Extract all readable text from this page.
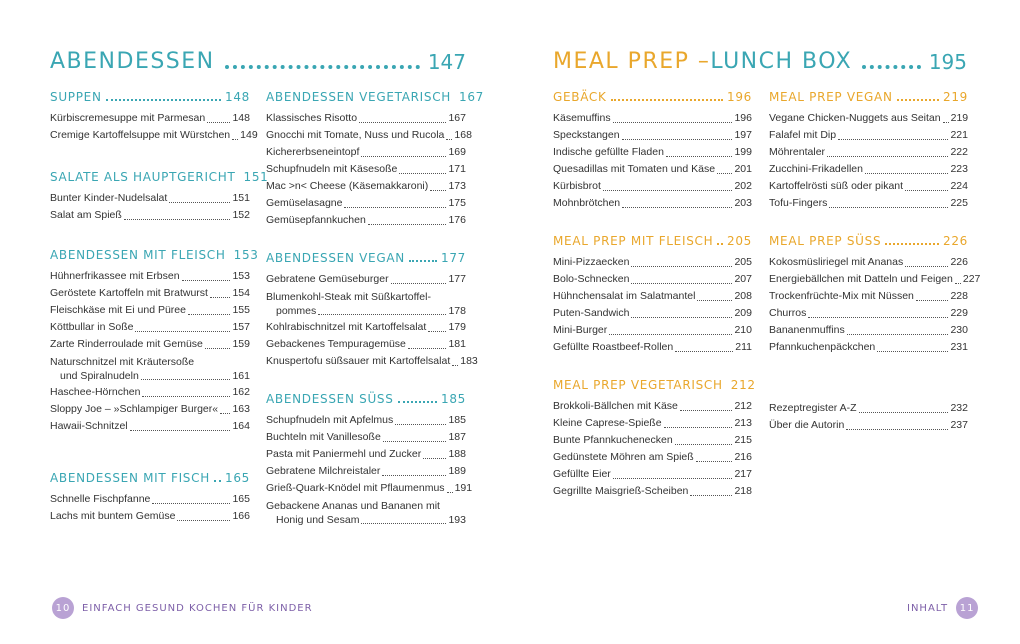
ABENDESSEN	147	MEAL PREP – LUNCH BOX	195
SUPPEN	148
Kürbiscremesuppe mit Parmesan	148
Cremige Kartoffelsuppe mit Würstchen 149
SALATE ALS HAUPTGERICHT 151
Bunter Kinder-Nudelsalat	151
Salat am Spieß	152
ABENDESSEN MIT FLEISCH 153
Hühnerfrikassee mit Erbsen	153
Geröstete Kartoffeln mit Bratwurst 154
Fleischkäse mit Ei und Püree	155
Köttbullar in Soße	157
Zarte Rinderroulade mit Gemüse	159
Naturschnitzel mit Kräutersoße
und Spiralnudeln	161
Haschee-Hörnchen	162
Sloppy Joe – »Schlampiger Burger« 163
Hawaii-Schnitzel	164
ABENDESSEN MIT FISCH 165
Schnelle Fischpfanne	165
Lachs mit buntem Gemüse	166
ABENDESSEN VEGETARISCH 167
Klassisches Risotto	167
Gnocchi mit Tomate, Nuss und Rucola 168
Kichererbseneintopf	169
Schupfnudeln mit Käsesoße	171
Mac >n< Cheese (Käsemakkaroni) 173
Gemüselasagne	175
Gemüsepfannkuchen	176
ABENDESSEN VEGAN	177
Gebratene Gemüseburger	177
Blumenkohl-Steak mit Süßkartoffel-
pommes	178
Kohlrabischnitzel mit Kartoffelsalat 179
Gebackenes Tempuragemüse	181
Knuspertofu süßsauer mit Kartoffelsalat 183
ABENDESSEN SÜSS	185
Schupfnudeln mit Apfelmus	185
Buchteln mit Vanillesoße	187
Pasta mit Paniermehl und Zucker	188
Gebratene Milchreistaler	189
Grieß-Quark-Knödel mit Pflaumenmus 191
Gebackene Ananas und Bananen mit
Honig und Sesam	193
GEBÄCK	196
Käsemuffins	196
Speckstangen	197
Indische gefüllte Fladen	199
Quesadillas mit Tomaten und Käse 201
Kürbisbrot	202
Mohnbrötchen	203
MEAL PREP MIT FLEISCH 205
Mini-Pizzaecken	205
Bolo-Schnecken	207
Hühnchensalat im Salatmantel	208
Puten-Sandwich	209
Mini-Burger	210
Gefüllte Roastbeef-Rollen	211
MEAL PREP VEGETARISCH 212
Brokkoli-Bällchen mit Käse	212
Kleine Caprese-Spieße	213
Bunte Pfannkuchenecken	215
Gedünstete Möhren am Spieß	216
Gefüllte Eier	217
Gegrillte Maisgrieß-Scheiben	218
MEAL PREP VEGAN	219
Vegane Chicken-Nuggets aus Seitan 219
Falafel mit Dip	221
Möhrentaler	222
Zucchini-Frikadellen	223
Kartoffelrösti süß oder pikant	224
Tofu-Fingers	225
MEAL PREP SÜSS	226
Kokosmüsliriegel mit Ananas	226
Energiebällchen mit Datteln und Feigen 227
Trockenfrüchte-Mix mit Nüssen	228
Churros	229
Bananenmuffins	230
Pfannkuchenpäckchen	231
Rezeptregister A-Z	232
Über die Autorin	237
10	EINFACH GESUND KOCHEN FÜR KINDER	INHALT	11
